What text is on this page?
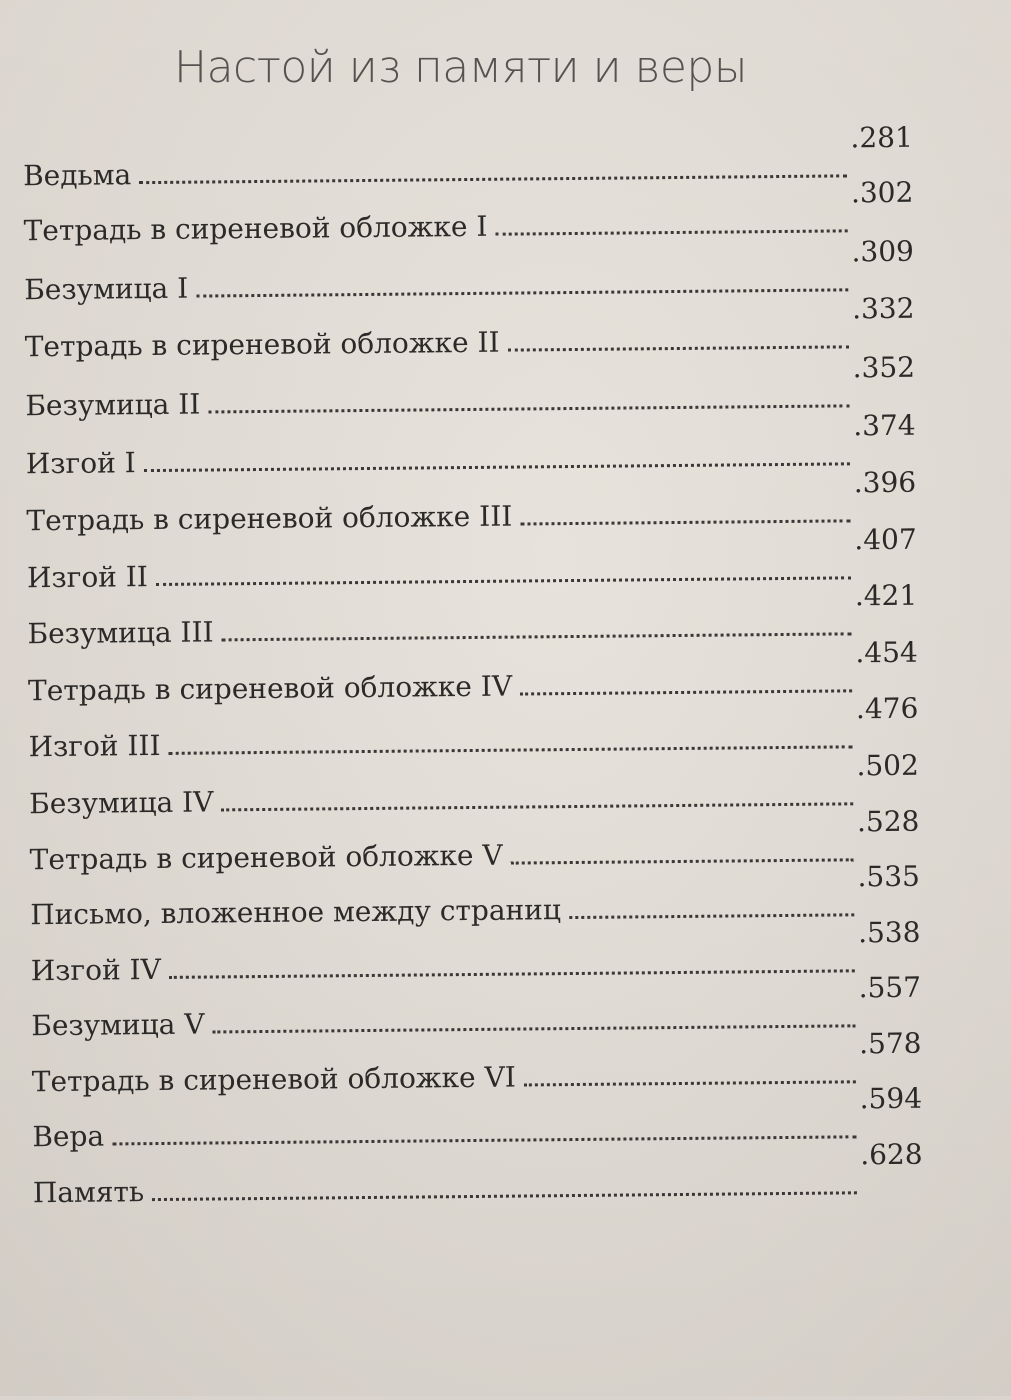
Настой из памяти и веры
Ведьма
.281
Тетрадь в сиреневой обложке I
.302
Безумица I
.309
Тетрадь в сиреневой обложке II
.332
Безумица II
.352
Изгой I
.374
Тетрадь в сиреневой обложке III
.396
Изгой II
.407
Безумица III
.421
Тетрадь в сиреневой обложке IV
.454
Изгой III
.476
Безумица IV
.502
Тетрадь в сиреневой обложке V
.528
Письмо, вложенное между страниц
.535
Изгой IV
.538
Безумица V
.557
Тетрадь в сиреневой обложке VI
.578
Вера
.594
Память
.628
